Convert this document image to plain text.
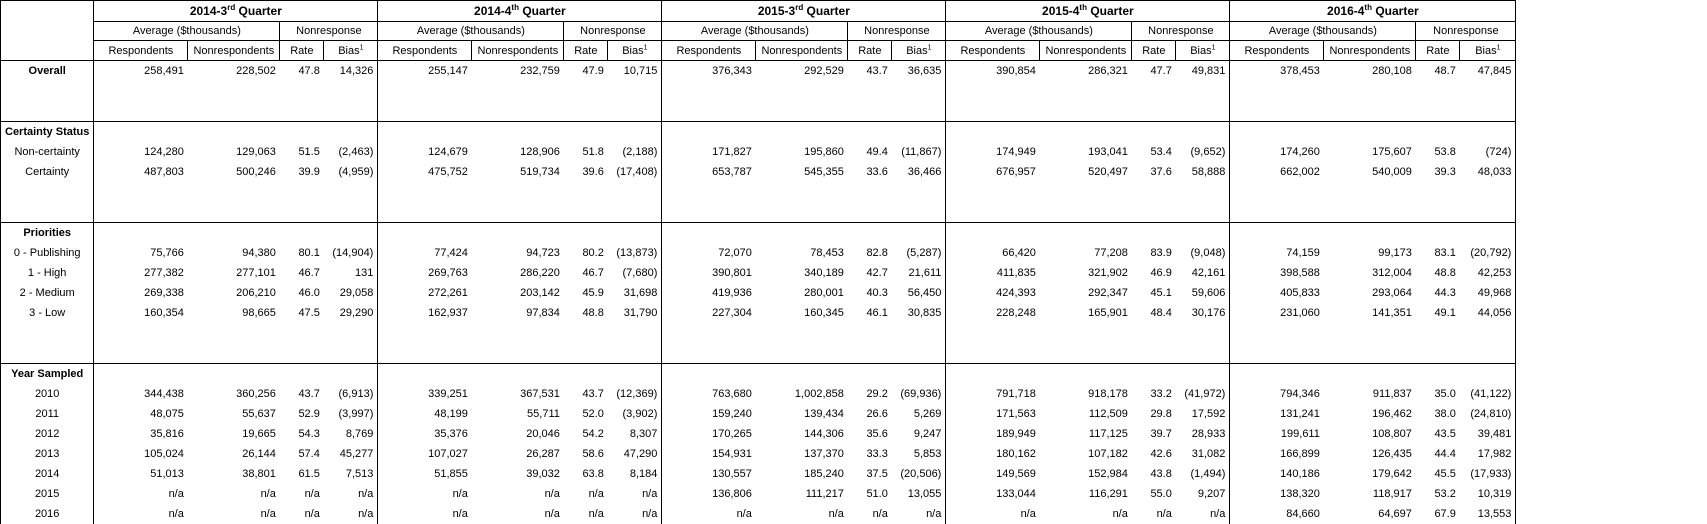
	2014-3rd Quarter				2014-4th Quarter				2015-3rd Quarter				2015-4th Quarter				2016-4th Quarter			
	Average ($thousands)		Nonresponse		Average ($thousands)		Nonresponse		Average ($thousands)		Nonresponse		Average ($thousands)		Nonresponse		Average ($thousands)		Nonresponse	
	Respondents	Nonrespondents	Rate	Bias$^1$	Respondents	Nonrespondents	Rate	Bias$^1$	Respondents	Nonrespondents	Rate	Bias$^1$	Respondents	Nonrespondents	Rate	Bias$^1$	Respondents	Nonrespondents	Rate	Bias$^1$
Overall	258,491	228,502	47.8	14,326	255,147	232,759	47.9	10,715	376,343	292,529	43.7	36,635	390,854	286,321	47.7	49,831	378,453	280,108	48.7	47,845

Certainty Status																				
Non-certainty	124,280	129,063	51.5	(2,463)	124,679	128,906	51.8	(2,188)	171,827	195,860	49.4	(11,867)	174,949	193,041	53.4	(9,652)	174,260	175,607	53.8	(724)
Certainty	487,803	500,246	39.9	(4,959)	475,752	519,734	39.6	(17,408)	653,787	545,355	33.6	36,466	676,957	520,497	37.6	58,888	662,002	540,009	39.3	48,033

Priorities																				
0 - Publishing	75,766	94,380	80.1	(14,904)	77,424	94,723	80.2	(13,873)	72,070	78,453	82.8	(5,287)	66,420	77,208	83.9	(9,048)	74,159	99,173	83.1	(20,792)
1 - High	277,382	277,101	46.7	131	269,763	286,220	46.7	(7,680)	390,801	340,189	42.7	21,611	411,835	321,902	46.9	42,161	398,588	312,004	48.8	42,253
2 - Medium	269,338	206,210	46.0	29,058	272,261	203,142	45.9	31,698	419,936	280,001	40.3	56,450	424,393	292,347	45.1	59,606	405,833	293,064	44.3	49,968
3 - Low	160,354	98,665	47.5	29,290	162,937	97,834	48.8	31,790	227,304	160,345	46.1	30,835	228,248	165,901	48.4	30,176	231,060	141,351	49.1	44,056

Year Sampled																				
2010	344,438	360,256	43.7	(6,913)	339,251	367,531	43.7	(12,369)	763,680	1,002,858	29.2	(69,936)	791,718	918,178	33.2	(41,972)	794,346	911,837	35.0	(41,122)
2011	48,075	55,637	52.9	(3,997)	48,199	55,711	52.0	(3,902)	159,240	139,434	26.6	5,269	171,563	112,509	29.8	17,592	131,241	196,462	38.0	(24,810)
2012	35,816	19,665	54.3	8,769	35,376	20,046	54.2	8,307	170,265	144,306	35.6	9,247	189,949	117,125	39.7	28,933	199,611	108,807	43.5	39,481
2013	105,024	26,144	57.4	45,277	107,027	26,287	58.6	47,290	154,931	137,370	33.3	5,853	180,162	107,182	42.6	31,082	166,899	126,435	44.4	17,982
2014	51,013	38,801	61.5	7,513	51,855	39,032	63.8	8,184	130,557	185,240	37.5	(20,506)	149,569	152,984	43.8	(1,494)	140,186	179,642	45.5	(17,933)
2015	n/a	n/a	n/a	n/a	n/a	n/a	n/a	n/a	136,806	111,217	51.0	13,055	133,044	116,291	55.0	9,207	138,320	118,917	53.2	10,319
2016	n/a	n/a	n/a	n/a	n/a	n/a	n/a	n/a	n/a	n/a	n/a	n/a	n/a	n/a	n/a	n/a	84,660	64,697	67.9	13,553
